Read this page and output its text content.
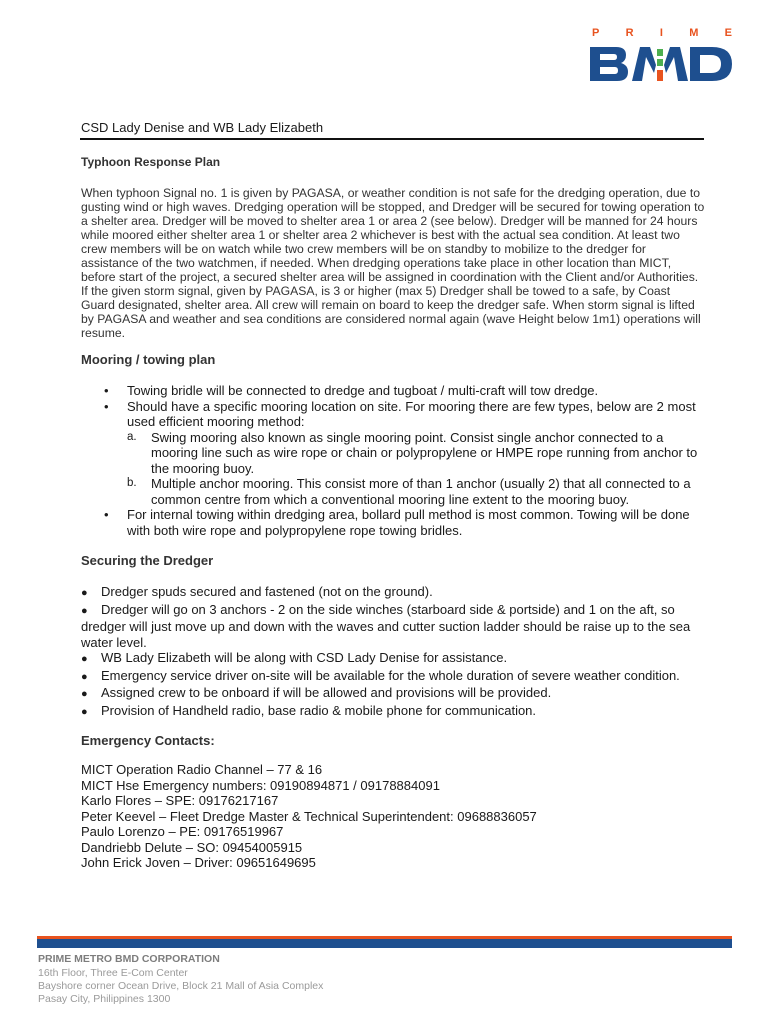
P R I M E
CSD Lady Denise and WB Lady Elizabeth
Typhoon Response Plan

When typhoon Signal no. 1 is given by PAGASA, or weather condition is not safe for the dredging operation, due to gusting wind or high waves. Dredging operation will be stopped, and Dredger will be secured for towing operation to a shelter area. Dredger will be moved to shelter area 1 or area 2 (see below). Dredger will be manned for 24 hours while moored either shelter area 1 or shelter area 2 whichever is best with the actual sea condition. At least two crew members will be on watch while two crew members will be on standby to mobilize to the dredger for assistance of the two watchmen, if needed. When dredging operations take place in other location than MICT, before start of the project, a secured shelter area will be assigned in coordination with the Client and/or Authorities. If the given storm signal, given by PAGASA, is 3 or higher (max 5) Dredger shall be towed to a safe, by Coast Guard designated, shelter area. All crew will remain on board to keep the dredger safe. When storm signal is lifted by PAGASA and weather and sea conditions are considered normal again (wave Height below 1m1) operations will resume.

Mooring / towing plan
• Towing bridle will be connected to dredge and tugboat / multi-craft will tow dredge.
• Should have a specific mooring location on site. For mooring there are few types, below are 2 most used efficient mooring method:
a. Swing mooring also known as single mooring point. Consist single anchor connected to a mooring line such as wire rope or chain or polypropylene or HMPE rope running from anchor to the mooring buoy.
b. Multiple anchor mooring. This consist more of than 1 anchor (usually 2) that all connected to a common centre from which a conventional mooring line extent to the mooring buoy.
• For internal towing within dredging area, bollard pull method is most common. Towing will be done with both wire rope and polypropylene rope towing bridles.
Securing the Dredger
● Dredger spuds secured and fastened (not on the ground).
● Dredger will go on 3 anchors - 2 on the side winches (starboard side & portside) and 1 on the aft, so dredger will just move up and down with the waves and cutter suction ladder should be raise up to the sea water level.
● WB Lady Elizabeth will be along with CSD Lady Denise for assistance.
● Emergency service driver on-site will be available for the whole duration of severe weather condition.
● Assigned crew to be onboard if will be allowed and provisions will be provided.
● Provision of Handheld radio, base radio & mobile phone for communication.
Emergency Contacts:
MICT Operation Radio Channel – 77 & 16
MICT Hse Emergency numbers: 09190894871 / 09178884091
Karlo Flores – SPE: 09176217167
Peter Keevel – Fleet Dredge Master & Technical Superintendent: 09688836057
Paulo Lorenzo – PE: 09176519967
Dandriebb Delute – SO: 09454005915
John Erick Joven – Driver: 09651649695
PRIME METRO BMD CORPORATION
16th Floor, Three E-Com Center
Bayshore corner Ocean Drive, Block 21 Mall of Asia Complex
Pasay City, Philippines 1300
